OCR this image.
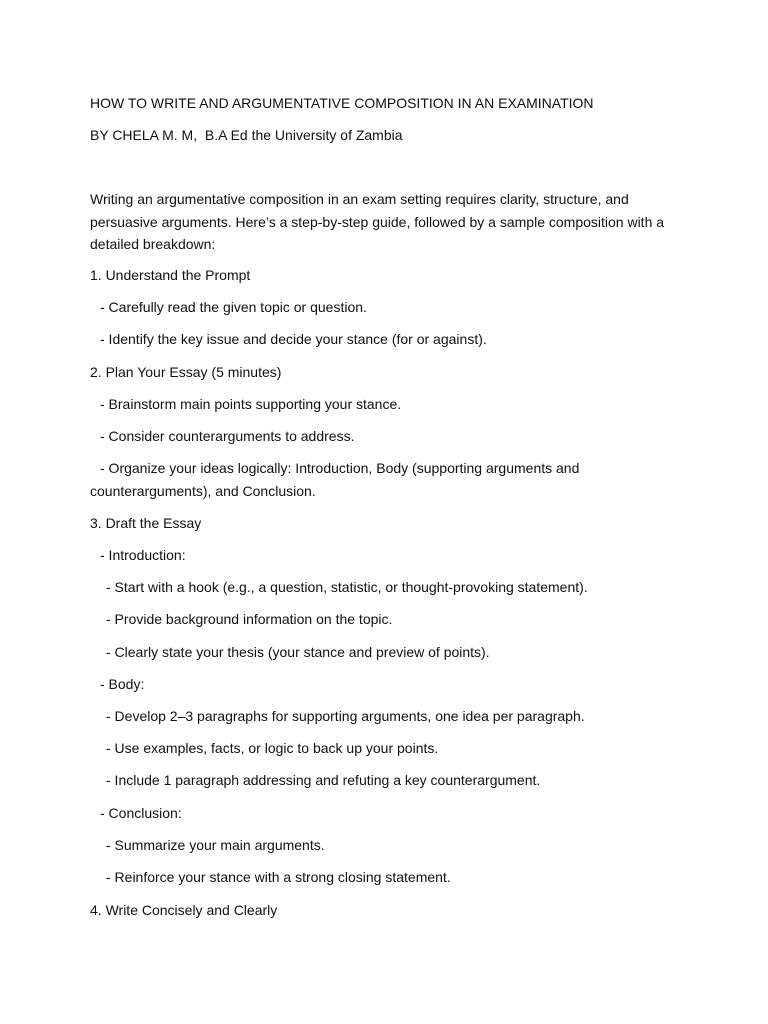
HOW TO WRITE AND ARGUMENTATIVE COMPOSITION IN AN EXAMINATION

BY CHELA M. M,  B.A Ed the University of Zambia

Writing an argumentative composition in an exam setting requires clarity, structure, and persuasive arguments. Here’s a step-by-step guide, followed by a sample composition with a detailed breakdown:

1. Understand the Prompt

- Carefully read the given topic or question.

- Identify the key issue and decide your stance (for or against).

2. Plan Your Essay (5 minutes)

- Brainstorm main points supporting your stance.

- Consider counterarguments to address.

- Organize your ideas logically: Introduction, Body (supporting arguments and counterarguments), and Conclusion.

3. Draft the Essay

- Introduction:

- Start with a hook (e.g., a question, statistic, or thought-provoking statement).

- Provide background information on the topic.

- Clearly state your thesis (your stance and preview of points).

- Body:

- Develop 2–3 paragraphs for supporting arguments, one idea per paragraph.

- Use examples, facts, or logic to back up your points.

- Include 1 paragraph addressing and refuting a key counterargument.

- Conclusion:

- Summarize your main arguments.

- Reinforce your stance with a strong closing statement.

4. Write Concisely and Clearly
